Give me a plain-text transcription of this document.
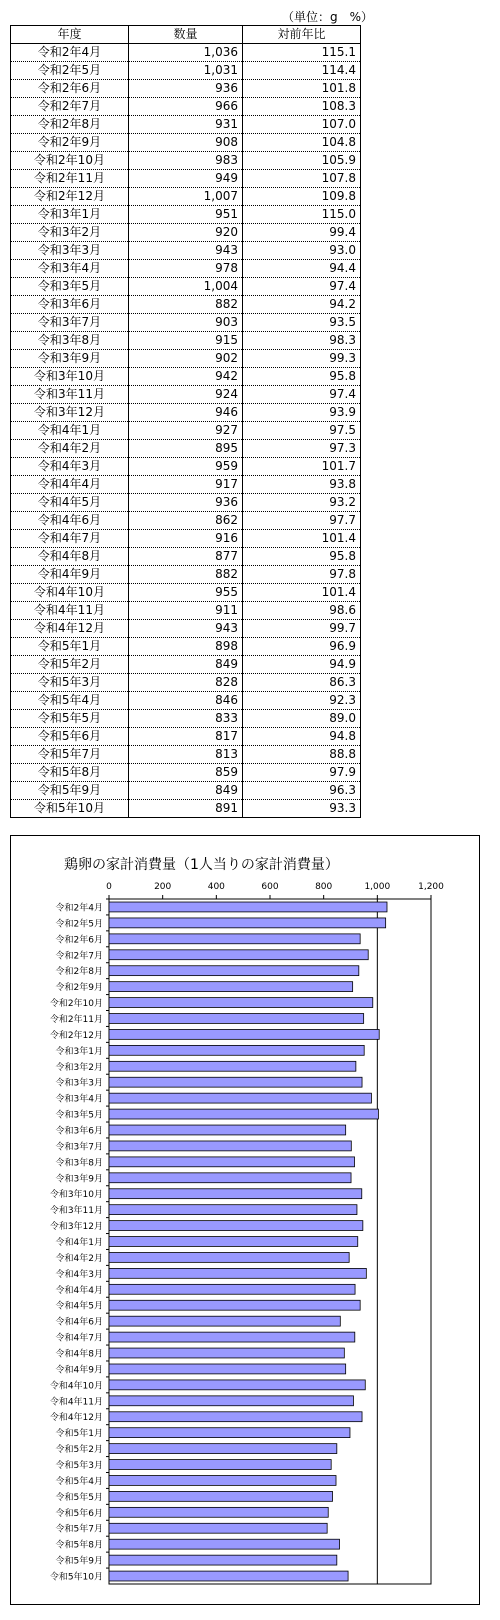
（単位：g　%）
年度	数量	対前年比
令和2年4月	1,036	115.1
令和2年5月	1,031	114.4
令和2年6月	936	101.8
令和2年7月	966	108.3
令和2年8月	931	107.0
令和2年9月	908	104.8
令和2年10月	983	105.9
令和2年11月	949	107.8
令和2年12月	1,007	109.8
令和3年1月	951	115.0
令和3年2月	920	99.4
令和3年3月	943	93.0
令和3年4月	978	94.4
令和3年5月	1,004	97.4
令和3年6月	882	94.2
令和3年7月	903	93.5
令和3年8月	915	98.3
令和3年9月	902	99.3
令和3年10月	942	95.8
令和3年11月	924	97.4
令和3年12月	946	93.9
令和4年1月	927	97.5
令和4年2月	895	97.3
令和4年3月	959	101.7
令和4年4月	917	93.8
令和4年5月	936	93.2
令和4年6月	862	97.7
令和4年7月	916	101.4
令和4年8月	877	95.8
令和4年9月	882	97.8
令和4年10月	955	101.4
令和4年11月	911	98.6
令和4年12月	943	99.7
令和5年1月	898	96.9
令和5年2月	849	94.9
令和5年3月	828	86.3
令和5年4月	846	92.3
令和5年5月	833	89.0
令和5年6月	817	94.8
令和5年7月	813	88.8
令和5年8月	859	97.9
令和5年9月	849	96.3
令和5年10月	891	93.3
鶏卵の家計消費量（1人当りの家計消費量）
0	200	400	600	800	1,000	1,200
令和2年4月
令和2年5月
令和2年6月
令和2年7月
令和2年8月
令和2年9月
令和2年10月
令和2年11月
令和2年12月
令和3年1月
令和3年2月
令和3年3月
令和3年4月
令和3年5月
令和3年6月
令和3年7月
令和3年8月
令和3年9月
令和3年10月
令和3年11月
令和3年12月
令和4年1月
令和4年2月
令和4年3月
令和4年4月
令和4年5月
令和4年6月
令和4年7月
令和4年8月
令和4年9月
令和4年10月
令和4年11月
令和4年12月
令和5年1月
令和5年2月
令和5年3月
令和5年4月
令和5年5月
令和5年6月
令和5年7月
令和5年8月
令和5年9月
令和5年10月
